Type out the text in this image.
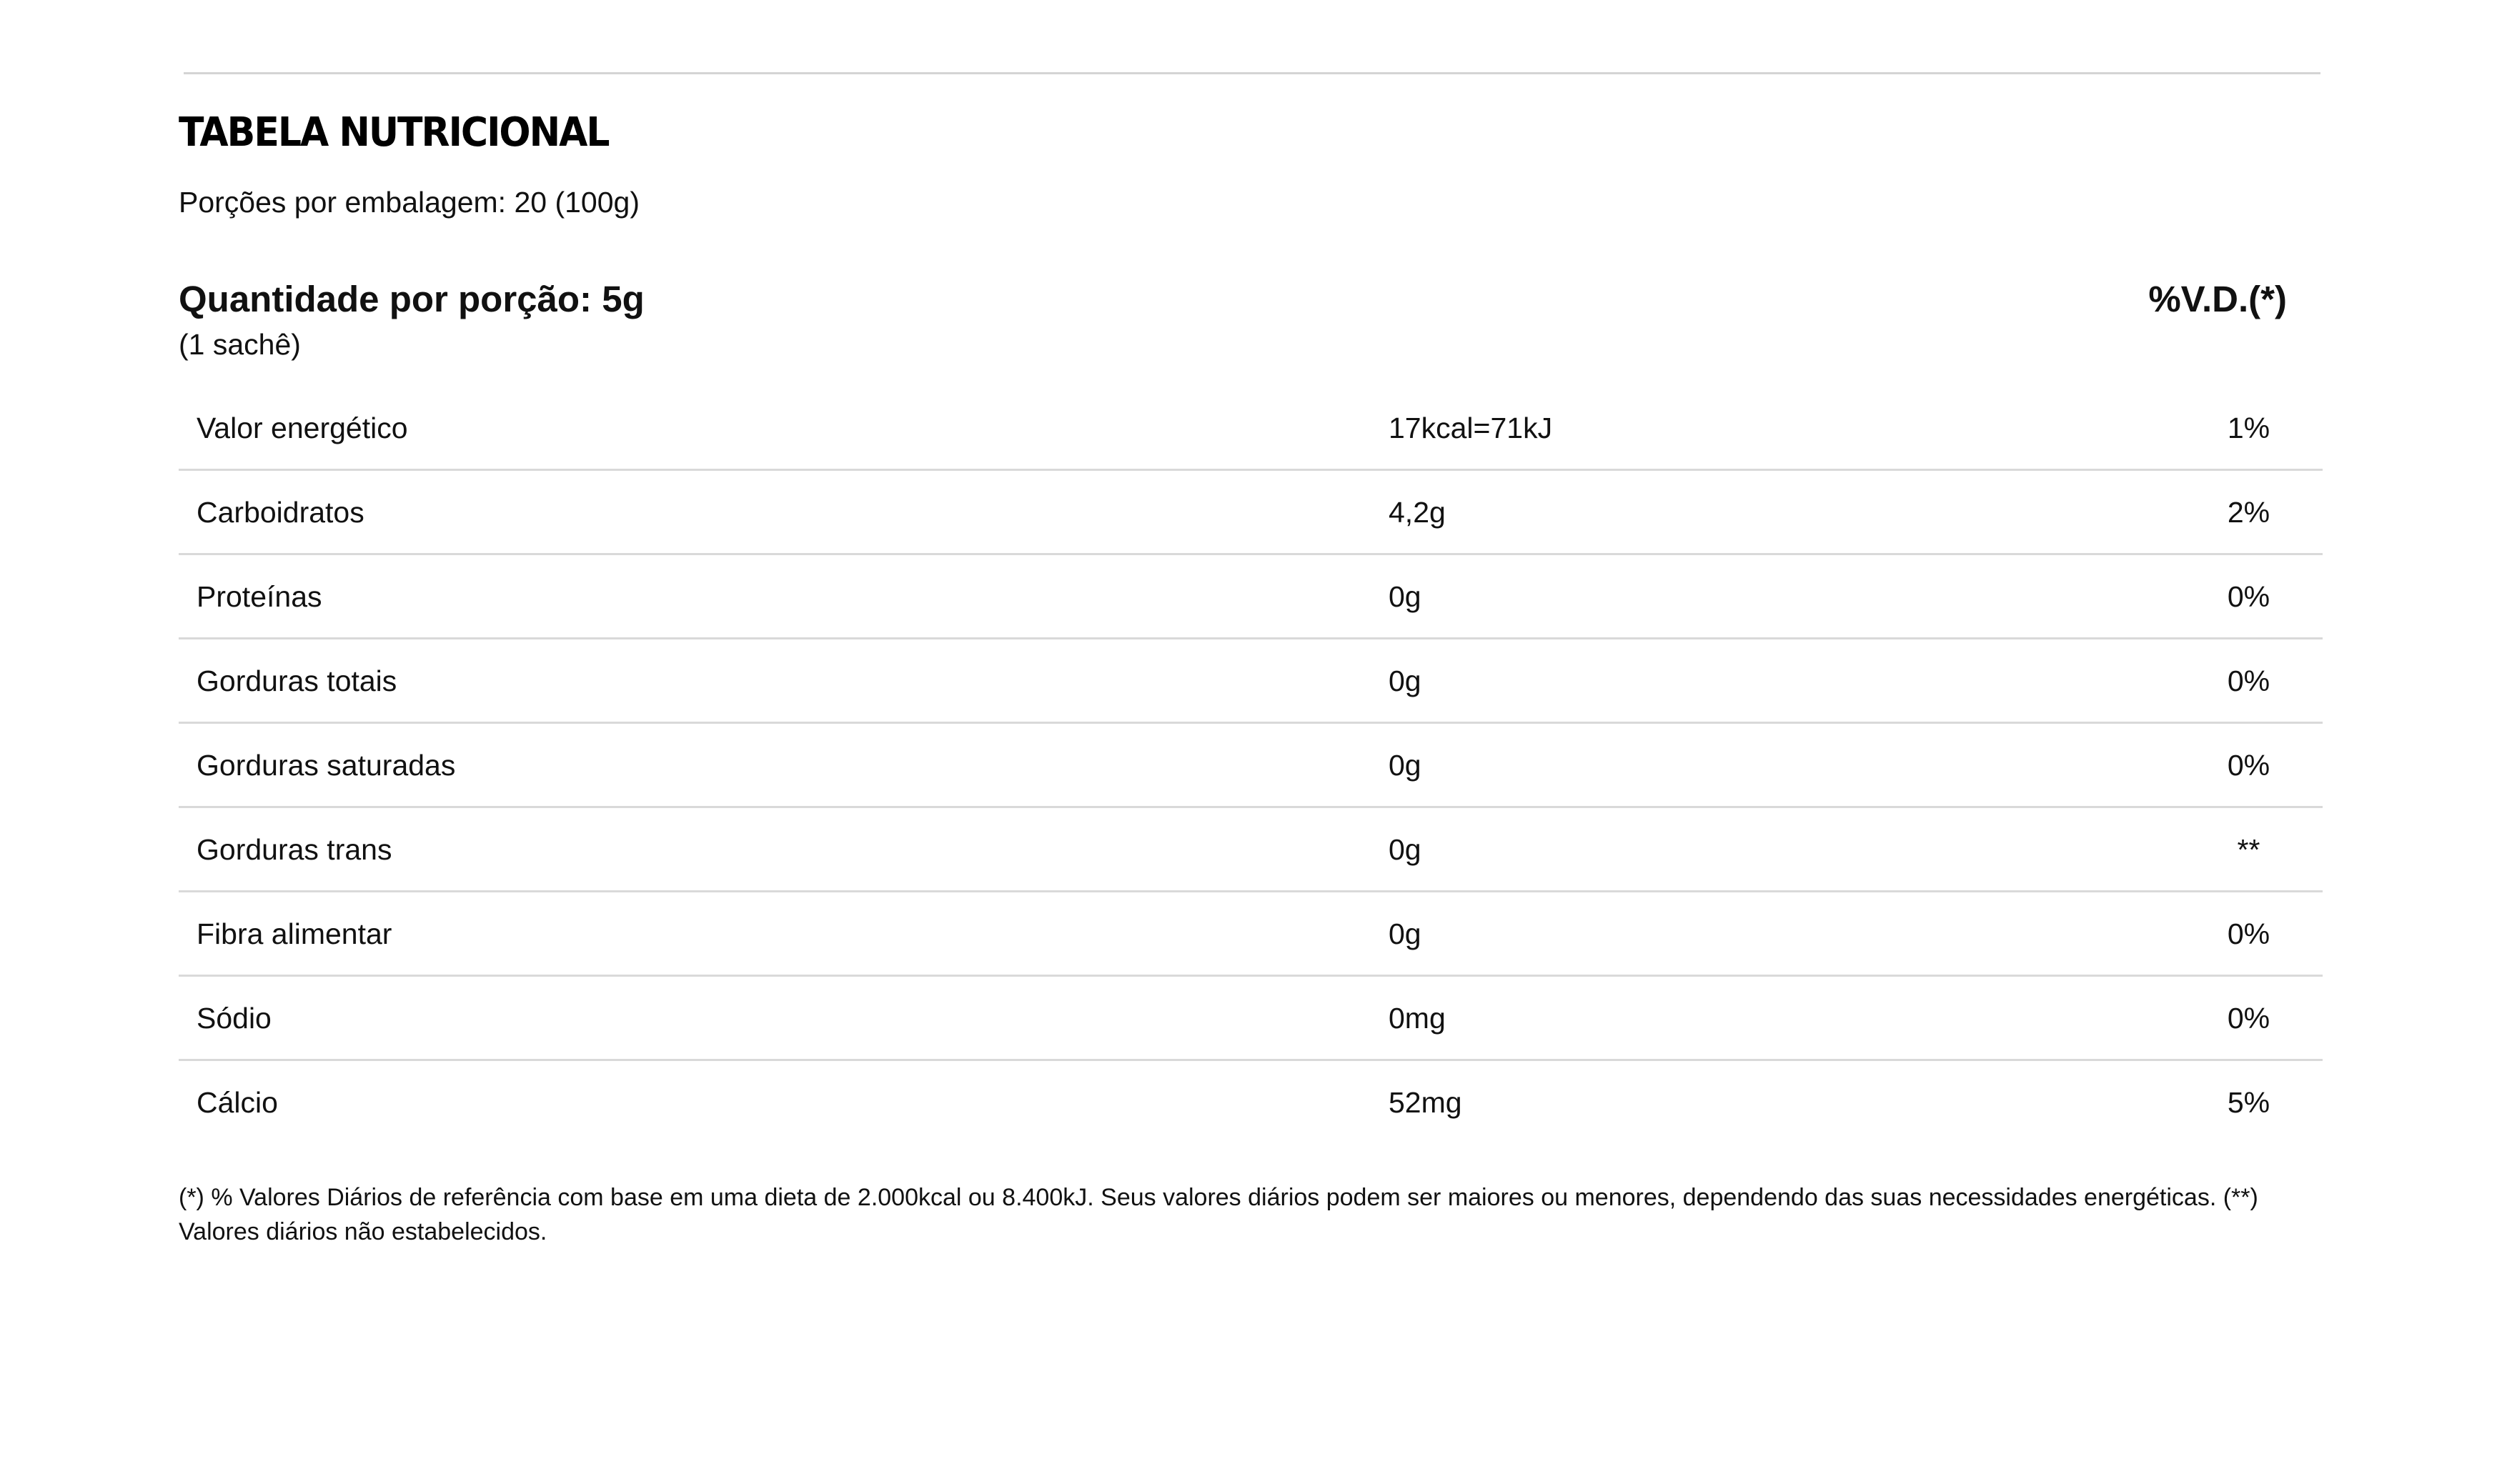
TABELA NUTRICIONAL
Porções por embalagem: 20 (100g)
Quantidade por porção: 5g	%V.D.(*)
(1 sachê)
Valor energético	17kcal=71kJ	1%
Carboidratos	4,2g	2%
Proteínas	0g	0%
Gorduras totais	0g	0%
Gorduras saturadas	0g	0%
Gorduras trans	0g	**
Fibra alimentar	0g	0%
Sódio	0mg	0%
Cálcio	52mg	5%

(*) % Valores Diários de referência com base em uma dieta de 2.000kcal ou 8.400kJ. Seus valores diários podem ser maiores ou menores, dependendo das suas necessidades energéticas. (**) Valores diários não estabelecidos.
